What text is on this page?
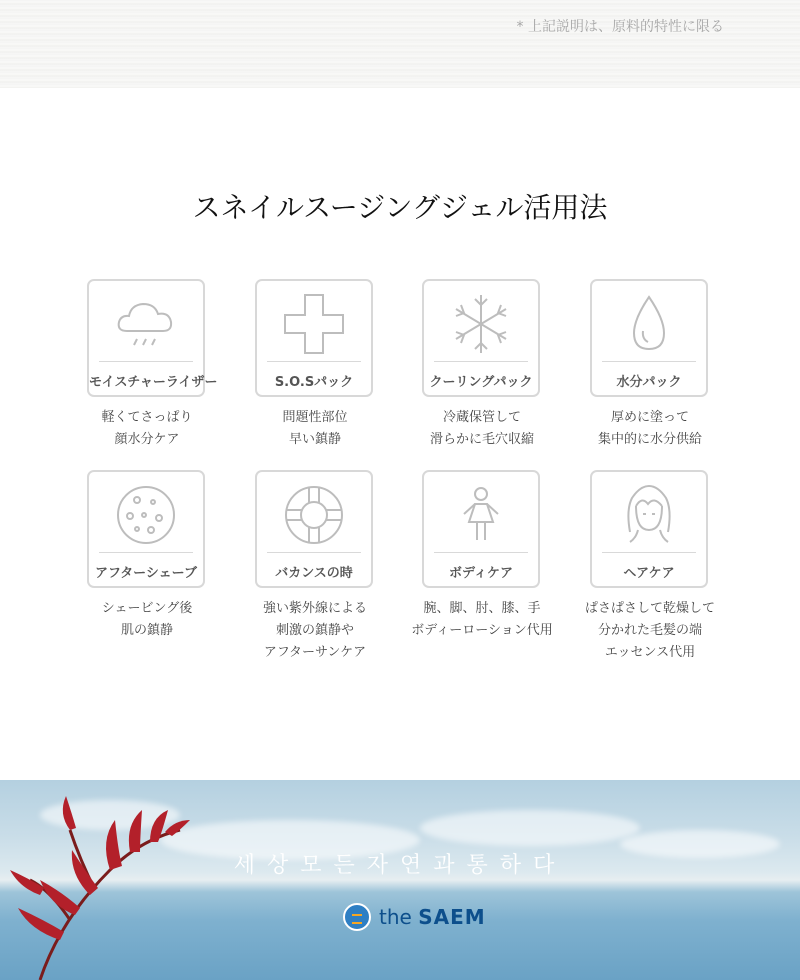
* 上記説明は、原料的特性に限る
スネイルスージングジェル活用法
モイスチャーライザー
軽くてさっぱり
顔水分ケア
S.O.Sパック
問題性部位
早い鎮静
クーリングパック
冷蔵保管して
滑らかに毛穴収縮
水分パック
厚めに塗って
集中的に水分供給
アフターシェーブ
シェービング後
肌の鎮静
バカンスの時
強い紫外線による
刺激の鎮静や
アフターサンケア
ボディケア
腕、脚、肘、膝、手
ボディーローション代用
ヘアケア
ぱさぱさして乾燥して
分かれた毛髪の端
エッセンス代用
세상모든자연과통하다
the SAEM
